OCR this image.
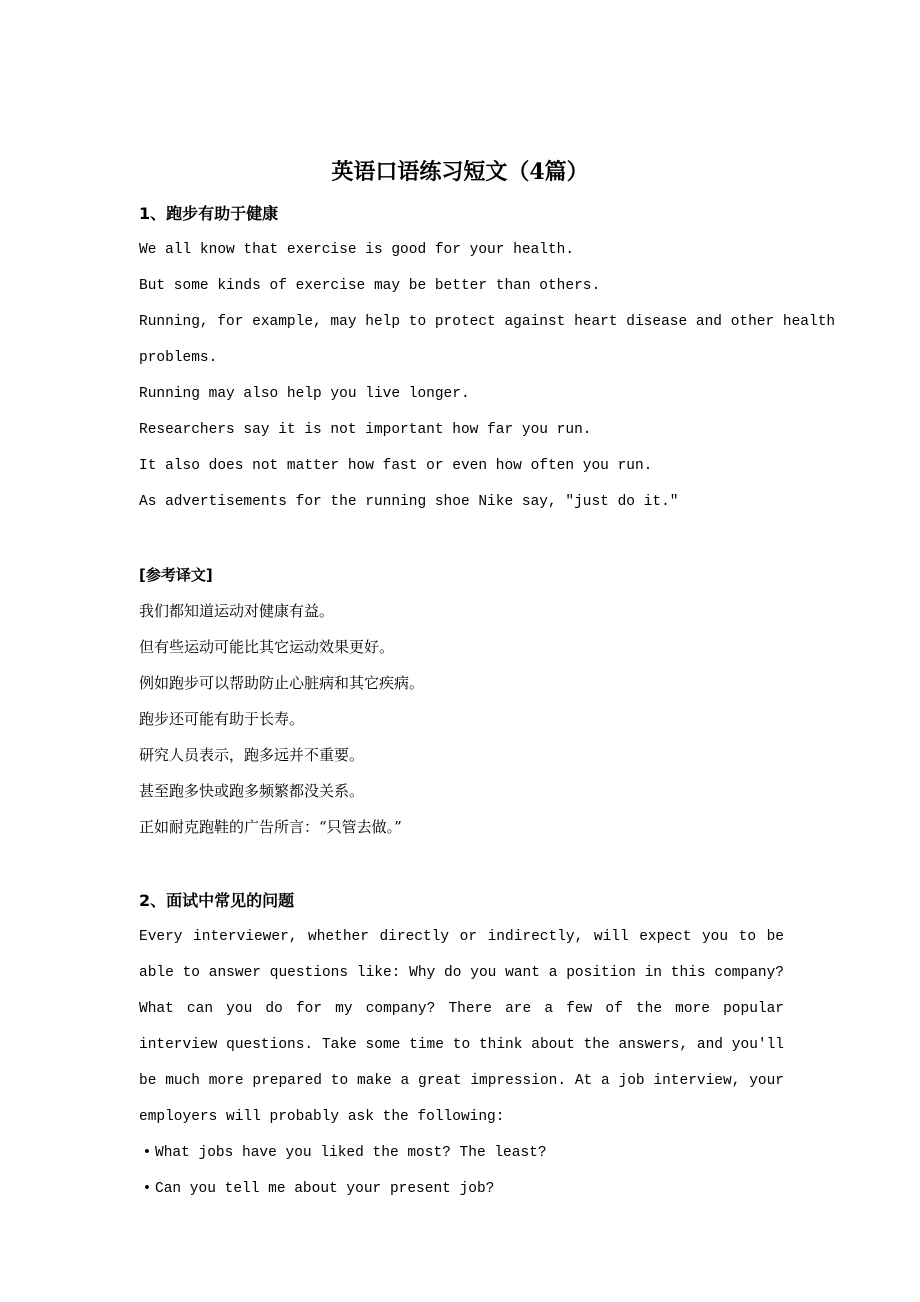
英语口语练习短文（4篇）

1、跑步有助于健康

We all know that exercise is good for your health.

But some kinds of exercise may be better than others.

Running, for example, may help to protect against heart disease and other health

problems.

Running may also help you live longer.

Researchers say it is not important how far you run.

It also does not matter how fast or even how often you run.

As advertisements for the running shoe Nike say, "just do it."

[参考译文]

我们都知道运动对健康有益。

但有些运动可能比其它运动效果更好。

例如跑步可以帮助防止心脏病和其它疾病。

跑步还可能有助于长寿。

研究人员表示，跑多远并不重要。

甚至跑多快或跑多频繁都没关系。

正如耐克跑鞋的广告所言：“只管去做。”

2、面试中常见的问题

Every interviewer, whether directly or indirectly, will expect you to be able to answer questions like: Why do you want a position in this company? What can you do for my company? There are a few of the more popular interview questions. Take some time to think about the answers, and you'll be much more prepared to make a great impression. At a job interview, your employers will probably ask the following:

• What jobs have you liked the most? The least?

• Can you tell me about your present job?
